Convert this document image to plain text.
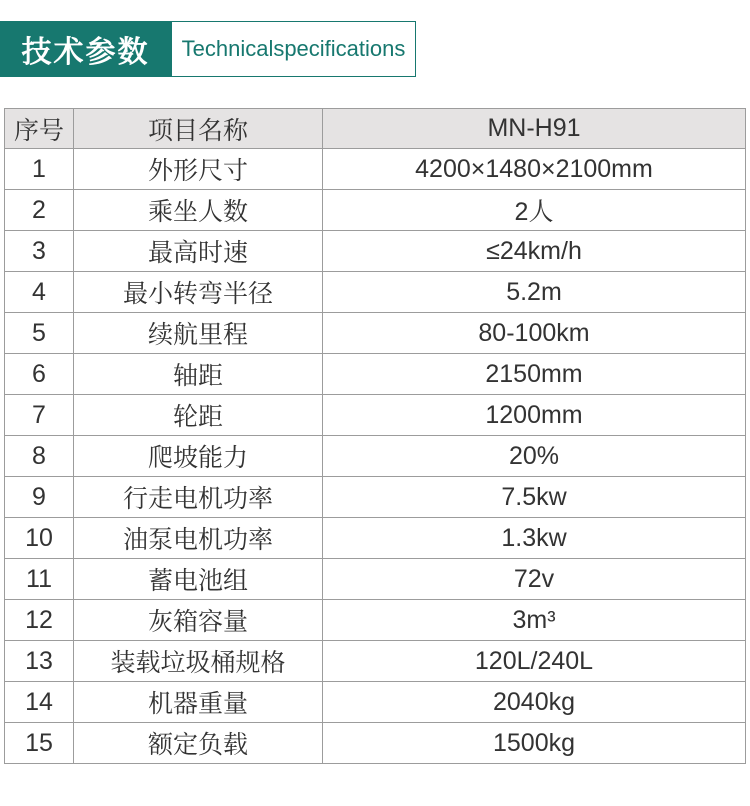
技术参数	Technicalspecifications
序号	项目名称	MN-H91
1	外形尺寸	4200×1480×2100mm
2	乘坐人数	2人
3	最高时速	≤24km/h
4	最小转弯半径	5.2m
5	续航里程	80-100km
6	轴距	2150mm
7	轮距	1200mm
8	爬坡能力	20%
9	行走电机功率	7.5kw
10	油泵电机功率	1.3kw
11	蓄电池组	72v
12	灰箱容量	3m³
13	装载垃圾桶规格	120L/240L
14	机器重量	2040kg
15	额定负载	1500kg
